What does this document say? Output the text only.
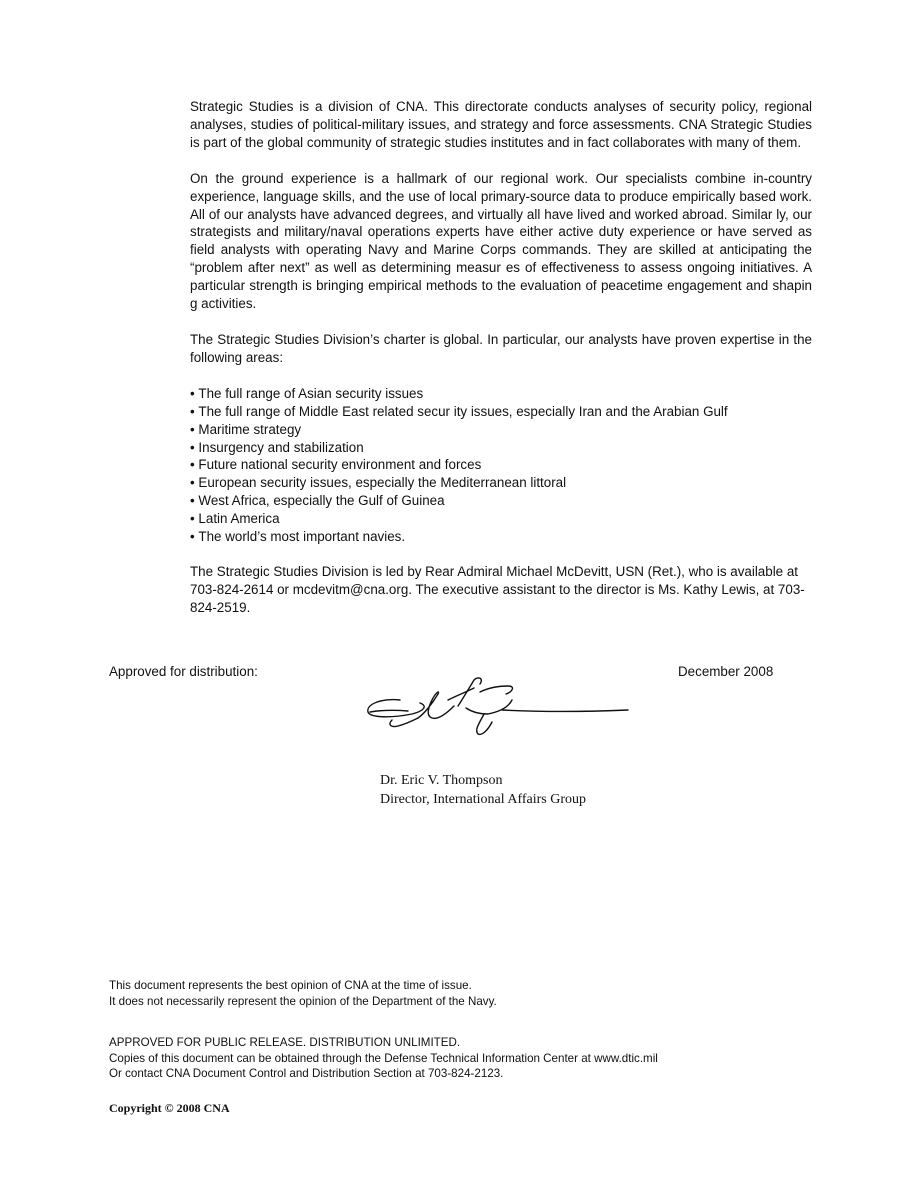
Strategic Studies is a division of CNA. This directorate conducts analyses of security policy, regional analyses, studies of political-military issues, and strategy and force assessments. CNA Strategic Studies is part of the global community of strategic studies institutes and in fact collaborates with many of them.

On the ground experience is a hallmark of our regional work. Our specialists combine in-country experience, language skills, and the use of local primary-source data to produce empirically based work. All of our analysts have advanced degrees, and virtually all have lived and worked abroad. Similar ly, our strategists and military/naval operations experts have either active duty experience or have served as field analysts with operating Navy and Marine Corps commands. They are skilled at anticipating the “problem after next” as well as determining measur es of effectiveness to assess ongoing initiatives. A particular strength is bringing empirical methods to the evaluation of peacetime engagement and shapin g activities.

The Strategic Studies Division’s charter is global. In particular, our analysts have proven expertise in the following areas:

• The full range of Asian security issues
• The full range of Middle East related secur ity issues, especially Iran and the Arabian Gulf
• Maritime strategy
• Insurgency and stabilization
• Future national security environment and forces
• European security issues, especially the Mediterranean littoral
• West Africa, especially the Gulf of Guinea
• Latin America
• The world’s most important navies.

The Strategic Studies Division is led by Rear Admiral Michael McDevitt, USN (Ret.), who is available at 703-824-2614 or mcdevitm@cna.org. The executive assistant to the director is Ms. Kathy Lewis, at 703-824-2519.

Approved for distribution:	December 2008
Dr. Eric V. Thompson
Director, International Affairs Group
This document represents the best opinion of CNA at the time of issue.
It does not necessarily represent the opinion of the Department of the Navy.
APPROVED FOR PUBLIC RELEASE. DISTRIBUTION UNLIMITED.
Copies of this document can be obtained through the Defense Technical Information Center at www.dtic.mil
Or contact CNA Document Control and Distribution Section at 703-824-2123.
Copyright © 2008 CNA
